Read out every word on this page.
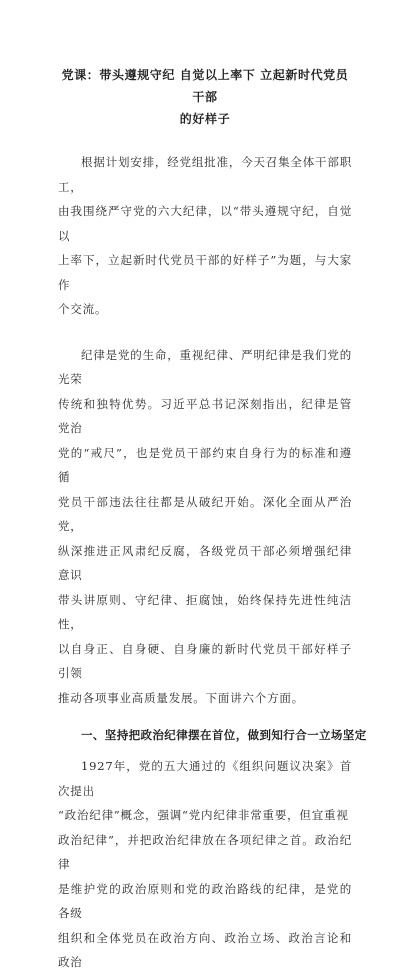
党课：带头遵规守纪 自觉以上率下 立起新时代党员干部
的好样子

根据计划安排，经党组批准，今天召集全体干部职工，
由我围绕严守党的六大纪律，以“带头遵规守纪，自觉以
上率下，立起新时代党员干部的好样子”为题，与大家作
个交流。

纪律是党的生命，重视纪律、严明纪律是我们党的光荣
传统和独特优势。习近平总书记深刻指出，纪律是管党治
党的“戒尺”，也是党员干部约束自身行为的标准和遵循
党员干部违法往往都是从破纪开始。深化全面从严治党，
纵深推进正风肃纪反腐，各级党员干部必须增强纪律意识
带头讲原则、守纪律、拒腐蚀，始终保持先进性纯洁性，
以自身正、自身硬、自身廉的新时代党员干部好样子引领
推动各项事业高质量发展。下面讲六个方面。

一、坚持把政治纪律摆在首位，做到知行合一立场坚定

1927年，党的五大通过的《组织问题议决案》首次提出
“政治纪律”概念，强调“党内纪律非常重要，但宜重视
政治纪律”，并把政治纪律放在各项纪律之首。政治纪律
是维护党的政治原则和党的政治路线的纪律，是党的各级
组织和全体党员在政治方向、政治立场、政治言论和政治
